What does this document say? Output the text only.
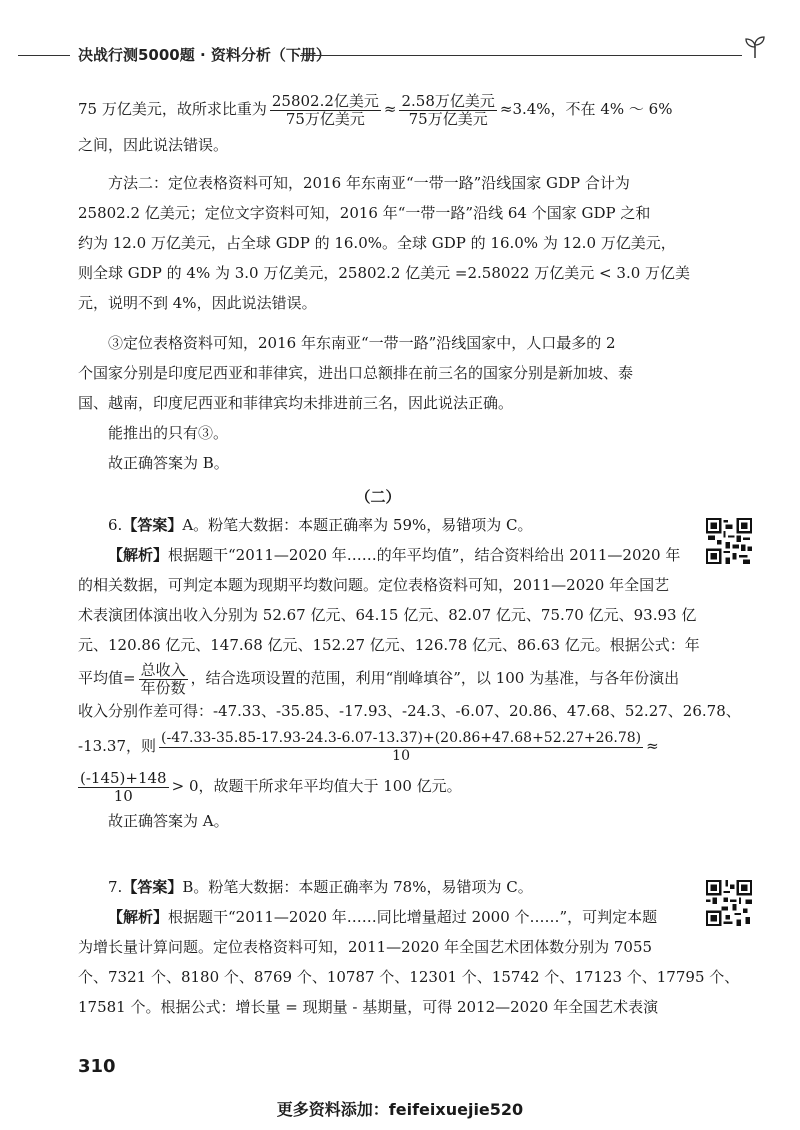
决战行测5000题 · 资料分析（下册）
75 万亿美元，故所求比重为 $\frac{\text{25802.2亿美元}}{\text{75万亿美元}} \approx \frac{\text{2.58万亿美元}}{\text{75万亿美元}} \approx 3.4\%$，不在 4% ～ 6%
之间，因此说法错误。
方法二：定位表格资料可知，2016 年东南亚“一带一路”沿线国家 GDP 合计为
25802.2 亿美元；定位文字资料可知，2016 年“一带一路”沿线 64 个国家 GDP 之和
约为 12.0 万亿美元，占全球 GDP 的 16.0%。全球 GDP 的 16.0% 为 12.0 万亿美元，
则全球 GDP 的 4% 为 3.0 万亿美元，25802.2 亿美元 =2.58022 万亿美元 < 3.0 万亿美
元，说明不到 4%，因此说法错误。
③定位表格资料可知，2016 年东南亚“一带一路”沿线国家中，人口最多的 2
个国家分别是印度尼西亚和菲律宾，进出口总额排在前三名的国家分别是新加坡、泰
国、越南，印度尼西亚和菲律宾均未排进前三名，因此说法正确。
能推出的只有③。
故正确答案为 B。
（二）
6.【答案】A。粉笔大数据：本题正确率为 59%，易错项为 C。
【解析】根据题干“2011—2020 年……的年平均值”，结合资料给出 2011—2020 年
的相关数据，可判定本题为现期平均数问题。定位表格资料可知，2011—2020 年全国艺
术表演团体演出收入分别为 52.67 亿元、64.15 亿元、82.07 亿元、75.70 亿元、93.93 亿
元、120.86 亿元、147.68 亿元、152.27 亿元、126.78 亿元、86.63 亿元。根据公式：年
平均值= $\frac{\text{总收入}}{\text{年份数}}$ ，结合选项设置的范围，利用“削峰填谷”，以 100 为基准，与各年份演出
收入分别作差可得：-47.33、-35.85、-17.93、-24.3、-6.07、20.86、47.68、52.27、26.78、
-13.37，则 (-47.33-35.85-17.93-24.3-6.07-13.37)+(20.86+47.68+52.27+26.78)
10
≈
$\frac{(-145)+148}{10} > 0$，故题干所求年平均值大于 100 亿元。
故正确答案为 A。
7.【答案】B。粉笔大数据：本题正确率为 78%，易错项为 C。
【解析】根据题干“2011—2020 年……同比增量超过 2000 个……”，可判定本题
为增长量计算问题。定位表格资料可知，2011—2020 年全国艺术团体数分别为 7055
个、7321 个、8180 个、8769 个、10787 个、12301 个、15742 个、17123 个、17795 个、
17581 个。根据公式：增长量 = 现期量 - 基期量，可得 2012—2020 年全国艺术表演
310
更多资料添加：feifeixuejie520
